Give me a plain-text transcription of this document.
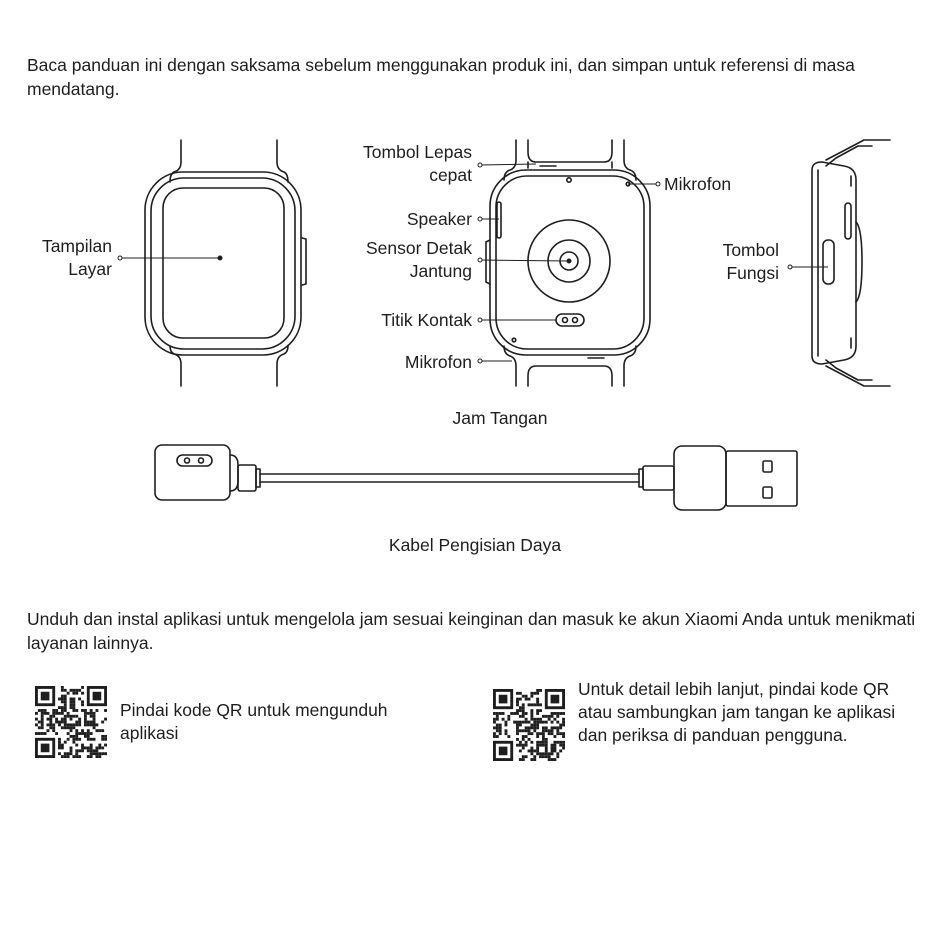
Baca panduan ini dengan saksama sebelum menggunakan produk ini, dan simpan untuk referensi di masa mendatang.

Tampilan
Layar
Tombol Lepas
cepat
Speaker
Sensor Detak
Jantung
Titik Kontak
Mikrofon
Mikrofon
Tombol
Fungsi
Jam Tangan
Kabel Pengisian Daya

Unduh dan instal aplikasi untuk mengelola jam sesuai keinginan dan masuk ke akun Xiaomi Anda untuk menikmati layanan lainnya.

Pindai kode QR untuk mengunduh aplikasi
Untuk detail lebih lanjut, pindai kode QR atau sambungkan jam tangan ke aplikasi dan periksa di panduan pengguna.
